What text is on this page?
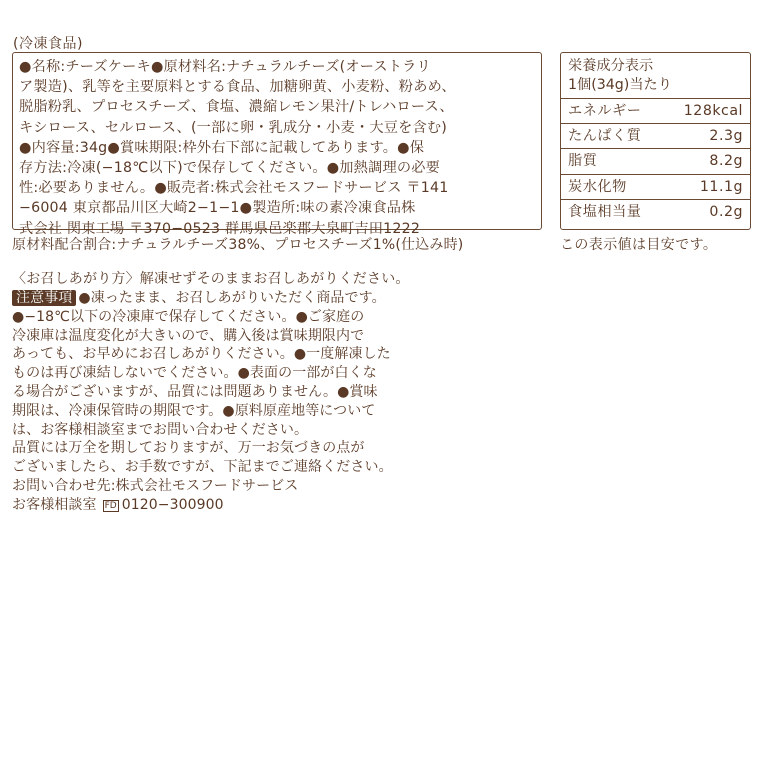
(冷凍食品)

●名称:チーズケーキ●原材料名:ナチュラルチーズ(オーストラリ

ア製造)、乳等を主要原料とする食品、加糖卵黄、小麦粉、粉あめ、

脱脂粉乳、プロセスチーズ、食塩、濃縮レモン果汁/トレハロース、

キシロース、セルロース、(一部に卵・乳成分・小麦・大豆を含む)

●内容量:34g●賞味期限:枠外右下部に記載してあります。●保

存方法:冷凍(−18℃以下)で保存してください。●加熱調理の必要

性:必要ありません。●販売者:株式会社モスフードサービス 〒141

−6004 東京都品川区大崎2−1−1●製造所:味の素冷凍食品株

式会社 関東工場 〒370−0523 群馬県邑楽郡大泉町吉田1222

栄養成分表示
1個(34g)当たり
エネルギー	128kcal
たんぱく質	2.3g
脂質	8.2g
炭水化物	11.1g
食塩相当量	0.2g
原材料配合割合:ナチュラルチーズ38%、プロセスチーズ1%(仕込み時)	この表示値は目安です。
〈お召しあがり方〉解凍せずそのままお召しあがりください。

注意事項 ●凍ったまま、お召しあがりいただく商品です。

●−18℃以下の冷凍庫で保存してください。●ご家庭の

冷凍庫は温度変化が大きいので、購入後は賞味期限内で

あっても、お早めにお召しあがりください。●一度解凍した

ものは再び凍結しないでください。●表面の一部が白くな

る場合がございますが、品質には問題ありません。●賞味

期限は、冷凍保管時の期限です。●原料原産地等について

は、お客様相談室までお問い合わせください。

品質には万全を期しておりますが、万一お気づきの点が

ございましたら、お手数ですが、下記までご連絡ください。

お問い合わせ先:株式会社モスフードサービス

お客様相談室 FD 0120−300900
